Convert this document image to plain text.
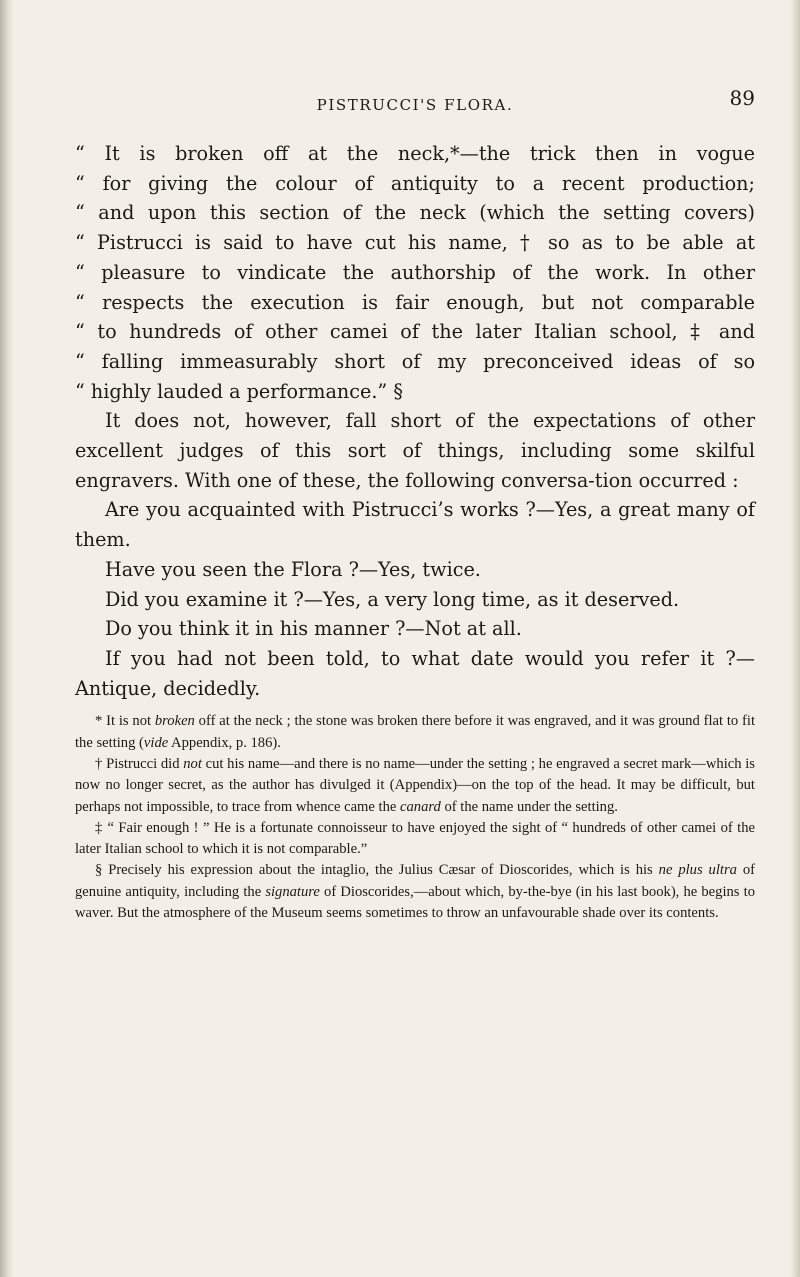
PISTRUCCI'S FLORA.	89

“ It is broken off at the neck,*—the trick then in vogue
“ for giving the colour of antiquity to a recent production;
“ and upon this section of the neck (which the setting covers)
“ Pistrucci is said to have cut his name, † so as to be able at
“ pleasure to vindicate the authorship of the work. In other
“ respects the execution is fair enough, but not comparable
“ to hundreds of other camei of the later Italian school, ‡ and
“ falling immeasurably short of my preconceived ideas of so
“ highly lauded a performance.” §

It does not, however, fall short of the expectations of other excellent judges of this sort of things, including some skilful engravers. With one of these, the following conversa-tion occurred :

Are you acquainted with Pistrucci’s works ?—Yes, a great many of them.

Have you seen the Flora ?—Yes, twice.

Did you examine it ?—Yes, a very long time, as it deserved.

Do you think it in his manner ?—Not at all.

If you had not been told, to what date would you refer it ?— Antique, decidedly.

* It is not broken off at the neck ; the stone was broken there before it was engraved, and it was ground flat to fit the setting (vide Appendix, p. 186).

† Pistrucci did not cut his name—and there is no name—under the setting ; he engraved a secret mark—which is now no longer secret, as the author has divulged it (Appendix)—on the top of the head. It may be difficult, but perhaps not impossible, to trace from whence came the canard of the name under the setting.

‡ “ Fair enough ! ” He is a fortunate connoisseur to have enjoyed the sight of “ hundreds of other camei of the later Italian school to which it is not comparable.”

§ Precisely his expression about the intaglio, the Julius Cæsar of Dioscorides, which is his ne plus ultra of genuine antiquity, including the signature of Dioscorides,—about which, by-the-bye (in his last book), he begins to waver. But the atmosphere of the Museum seems sometimes to throw an unfavourable shade over its contents.
